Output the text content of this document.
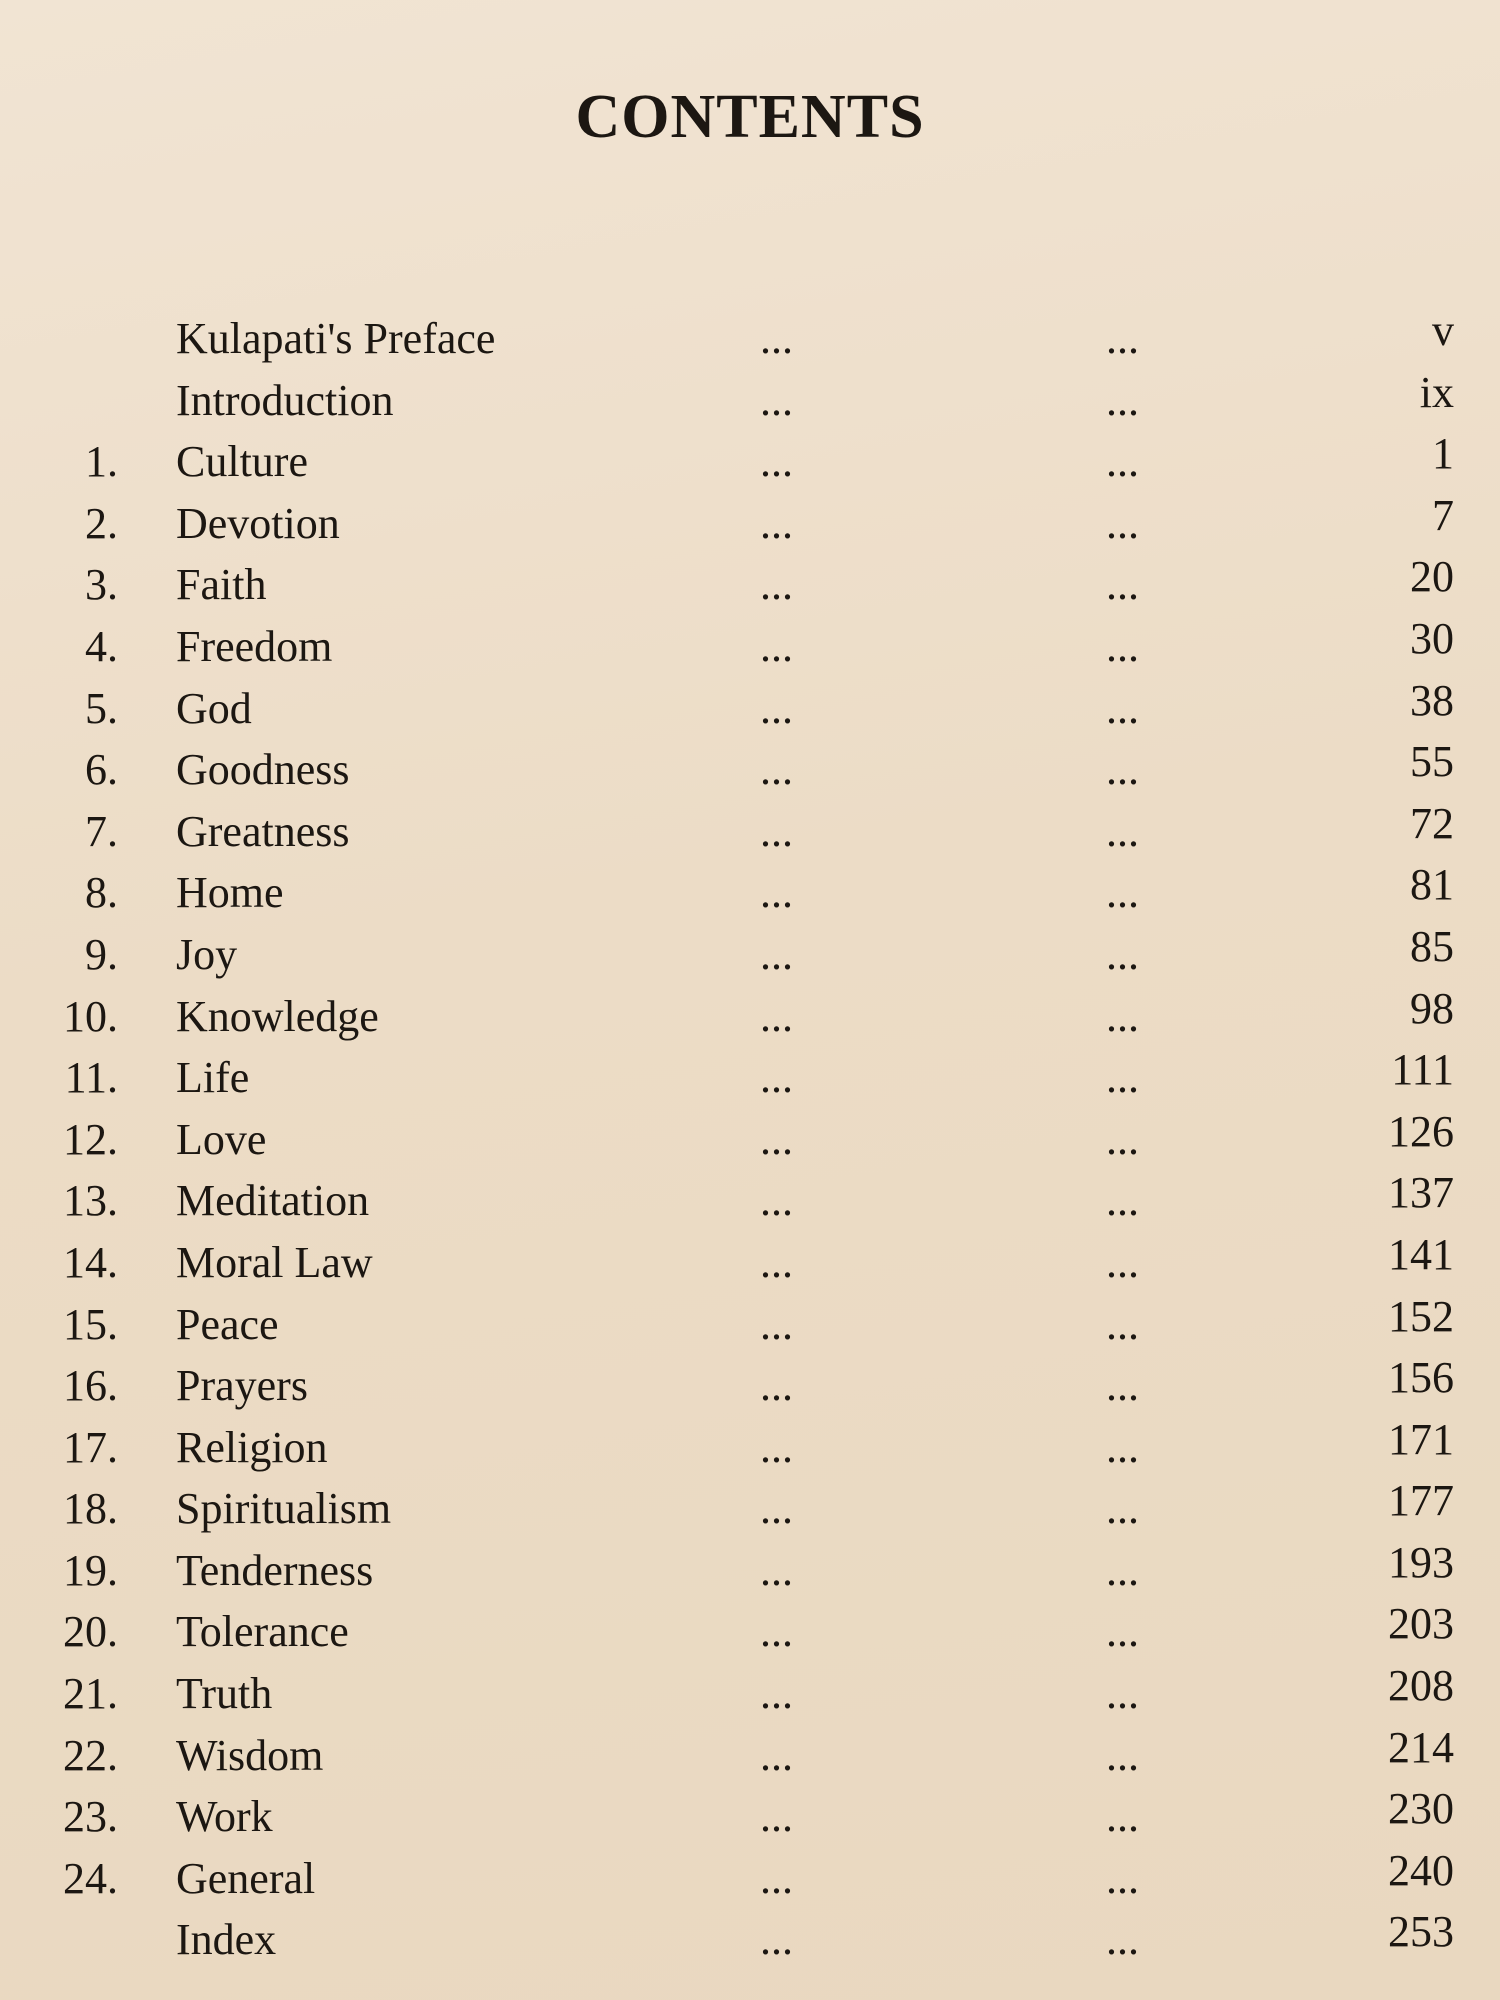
CONTENTS
Kulapati's Preface	...	...	v
Introduction	...	...	ix
1. Culture	...	...	1
2. Devotion	...	...	7
3. Faith	...	...	20
4. Freedom	...	...	30
5. God	...	...	38
6. Goodness	...	...	55
7. Greatness	...	...	72
8. Home	...	...	81
9. Joy	...	...	85
10. Knowledge	...	...	98
11. Life	...	...	111
12. Love	...	...	126
13. Meditation	...	...	137
14. Moral Law	...	...	141
15. Peace	...	...	152
16. Prayers	...	...	156
17. Religion	...	...	171
18. Spiritualism	...	...	177
19. Tenderness	...	...	193
20. Tolerance	...	...	203
21. Truth	...	...	208
22. Wisdom	...	...	214
23. Work	...	...	230
24. General	...	...	240
Index	...	...	253
